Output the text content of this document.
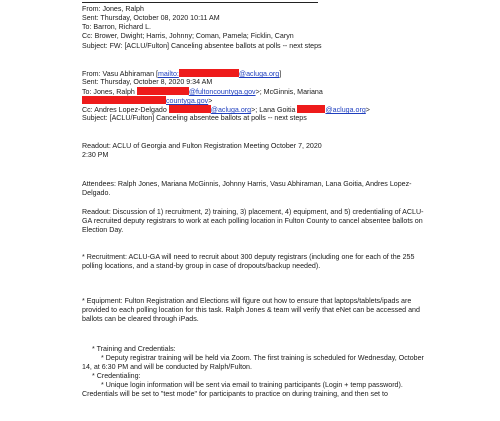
From: Jones, Ralph
Sent: Thursday, October 08, 2020 10:11 AM
To: Barron, Richard L.
Cc: Brower, Dwight; Harris, Johnny; Coman, Pamela; Ficklin, Caryn
Subject: FW: [ACLU/Fulton] Canceling absentee ballots at polls -- next steps
From: Vasu Abhiraman [mailto:	@acluga.org]
Sent: Thursday, October 8, 2020 9:34 AM
To: Jones, Ralph	@fultoncountyga.gov>; McGinnis, Mariana
countyga.gov>
Cc: Andres Lopez-Delgado	@acluga.org>; Lana Goitia	@acluga.org>
Subject: [ACLU/Fulton] Canceling absentee ballots at polls -- next steps
Readout: ACLU of Georgia and Fulton Registration Meeting October 7, 2020
2:30 PM
Attendees: Ralph Jones, Mariana McGinnis, Johnny Harris, Vasu Abhiraman, Lana Goitia, Andres Lopez-
Delgado.
Readout: Discussion of 1) recruitment, 2) training, 3) placement, 4) equipment, and 5) credentialing of ACLU-
GA recruited deputy registrars to work at each polling location in Fulton County to cancel absentee ballots on
Election Day.
* Recruitment: ACLU-GA will need to recruit about 300 deputy registrars (including one for each of the 255
polling locations, and a stand-by group in case of dropouts/backup needed).
* Equipment: Fulton Registration and Elections will figure out how to ensure that laptops/tablets/ipads are
provided to each polling location for this task. Ralph Jones & team will verify that eNet can be accessed and
ballots can be cleared through iPads.
* Training and Credentials:
* Deputy registrar training will be held via Zoom. The first training is scheduled for Wednesday, October
14, at 6:30 PM and will be conducted by Ralph/Fulton.
* Credentialing:
* Unique login information will be sent via email to training participants (Login + temp password).
Credentials will be set to "test mode" for participants to practice on during training, and then set to
